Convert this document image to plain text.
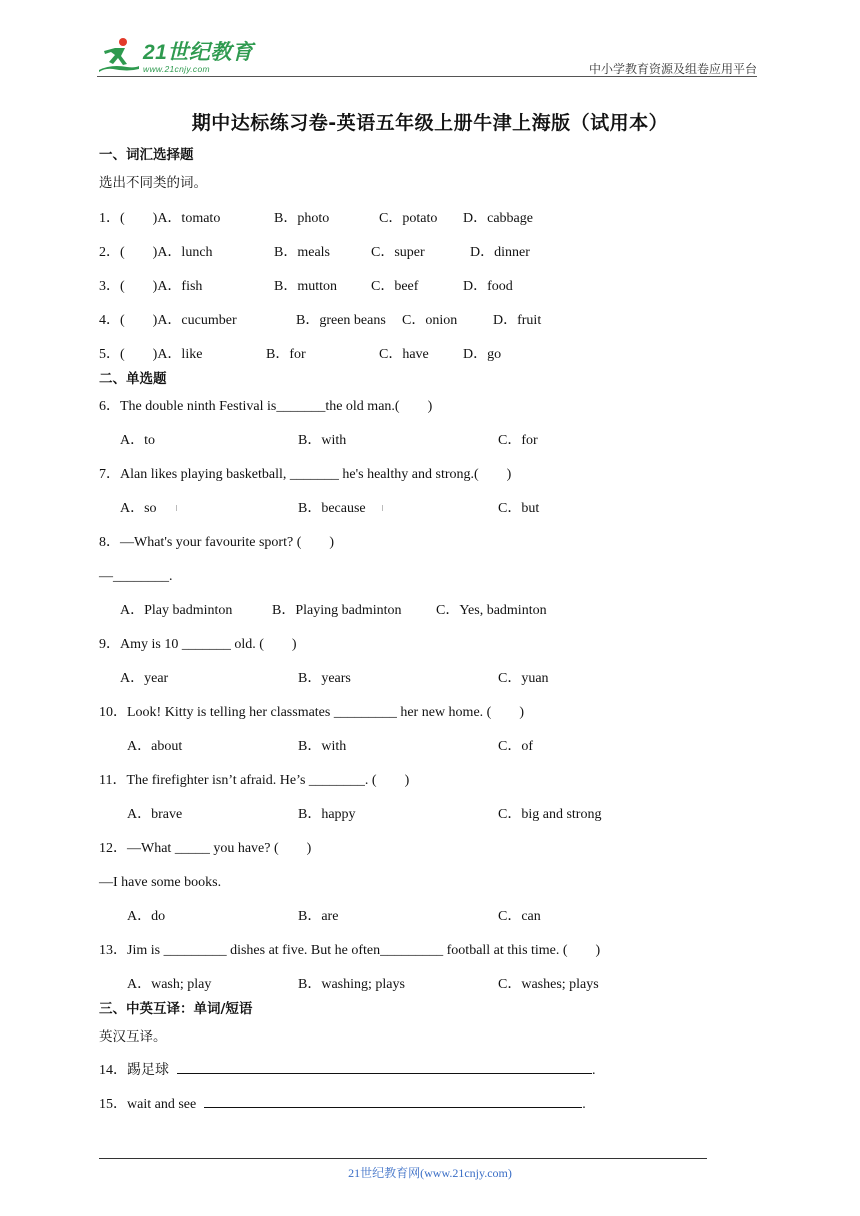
21世纪教育
www.21cnjy.com	中小学教育资源及组卷应用平台
期中达标练习卷-英语五年级上册牛津上海版（试用本）
一、词汇选择题
选出不同类的词。
1．(　　)A．tomato	B．photo	C．potato D．cabbage
2．(　　)A．lunch	B．meals	C．super	D．dinner
3．(　　)A．fish	B．mutton C．beef	D．food
4．(　　)A．cucumber	B．green beans C．onion	D．fruit
5．(　　)A．like	B．for	C．have D．go
二、单选题
6．The double ninth Festival is_______the old man.(　　)
A．to	B．with	C．for
7．Alan likes playing basketball, _______ he's healthy and strong.(　　)
A．so	B．because	C．but
8．—What's your favourite sport? (　　)
—________.
A．Play badminton	B．Playing badminton C．Yes, badminton
9．Amy is 10 _______ old. (　　)
A．year	B．years	C．yuan
10．Look! Kitty is telling her classmates _________ her new home. (　　)
A．about	B．with	C．of
11．The firefighter isn’t afraid. He’s ________. (　　)
A．brave	B．happy	C．big and strong
12．—What _____ you have? (　　)
—I have some books.
A．do	B．are	C．can
13．Jim is _________ dishes at five. But he often_________ football at this time. (　　)
A．wash; play	B．washing; plays	C．washes; plays
三、中英互译：单词/短语
英汉互译。
14．踢足球	.
15．wait and see	.
21世纪教育网(www.21cnjy.com)
